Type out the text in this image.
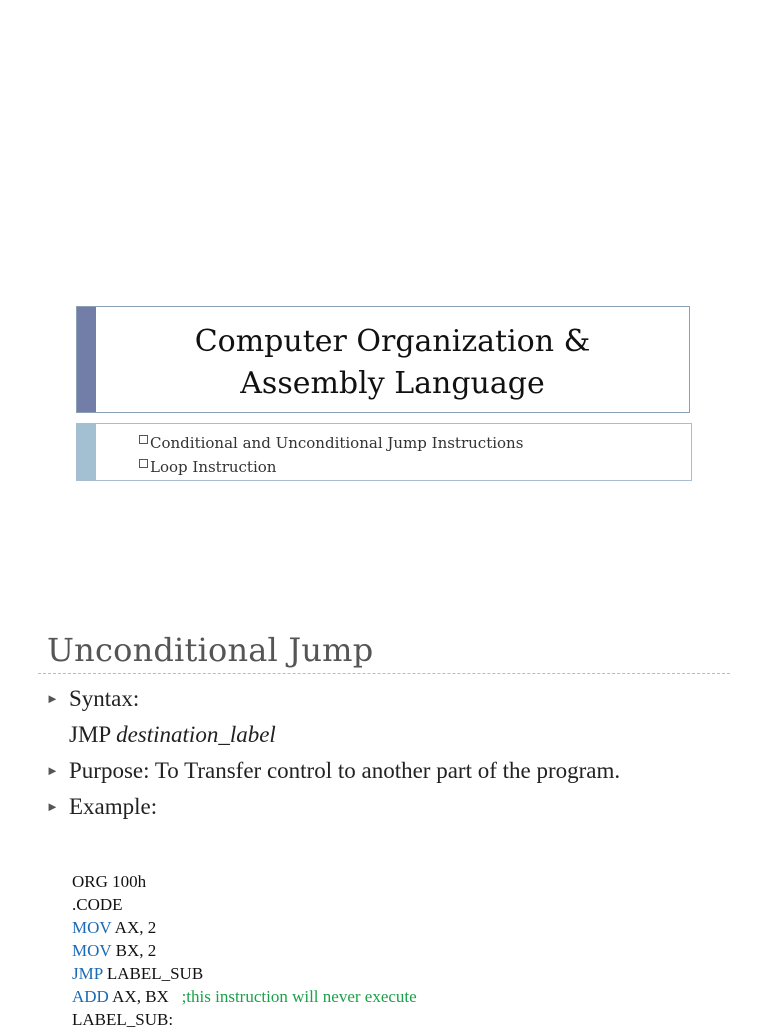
Computer Organization &
Assembly Language
Conditional and Unconditional Jump Instructions
Loop Instruction
Unconditional Jump
► Syntax:
JMP destination_label
► Purpose: To Transfer control to another part of the program.
► Example:
ORG 100h
.CODE
MOV AX, 2
MOV BX, 2
JMP LABEL_SUB
ADD AX, BX   ;this instruction will never execute
LABEL_SUB:
